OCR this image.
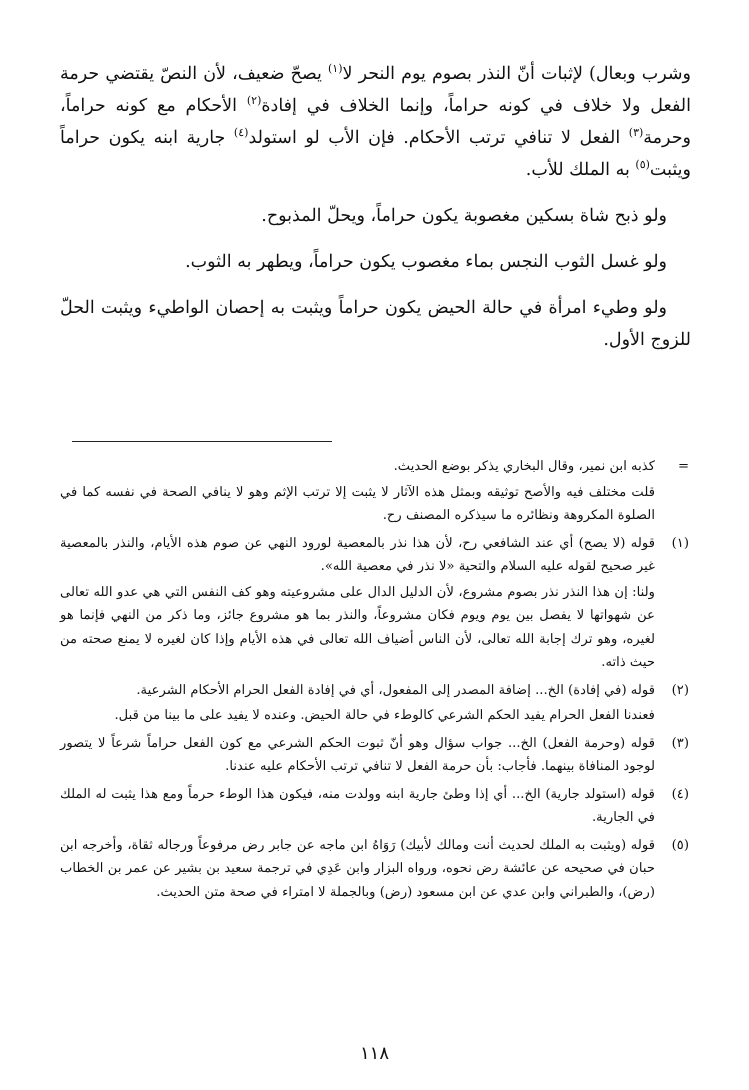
وشرب وبعال) لإثبات أنّ النذر بصوم يوم النحر لا$^{(١)}$ يصحّ ضعيف، لأن النصّ يقتضي حرمة الفعل ولا خلاف في كونه حراماً، وإنما الخلاف في إفادة$^{(٢)}$ الأحكام مع كونه حراماً، وحرمة$^{(٣)}$ الفعل لا تنافي ترتب الأحكام. فإن الأب لو استولد$^{(٤)}$ جارية ابنه يكون حراماً ويثبت$^{(٥)}$ به الملك للأب.

ولو ذبح شاة بسكين مغصوبة يكون حراماً، ويحلّ المذبوح.

ولو غسل الثوب النجس بماء مغصوب يكون حراماً، ويطهر به الثوب.

ولو وطيء امرأة في حالة الحيض يكون حراماً ويثبت به إحصان الواطيء ويثبت الحلّ للزوج الأول.

=

كذبه ابن نمير، وقال البخاري يذكر بوضع الحديث.

قلت مختلف فيه والأصح توثيقه وبمثل هذه الآثار لا يثبت إلا ترتب الإثم وهو لا ينافي الصحة في نفسه كما في الصلوة المكروهة ونظائره ما سيذكره المصنف رح.

(١)

قوله (لا يصح) أي عند الشافعي رح، لأن هذا نذر بالمعصية لورود النهي عن صوم هذه الأيام، والنذر بالمعصية غير صحيح لقوله عليه السلام والتحية «لا نذر في معصية الله».

ولنا: إن هذا النذر نذر بصوم مشروع، لأن الدليل الدال على مشروعيته وهو كف النفس التي هي عدو الله تعالى عن شهواتها لا يفصل بين يوم ويوم فكان مشروعاً، والنذر بما هو مشروع جائز، وما ذكر من النهي فإنما هو لغيره، وهو ترك إجابة الله تعالى، لأن الناس أضياف الله تعالى في هذه الأيام وإذا كان لغيره لا يمنع صحته من حيث ذاته.

(٢)

قوله (في إفادة) الخ... إضافة المصدر إلى المفعول، أي في إفادة الفعل الحرام الأحكام الشرعية.

فعندنا الفعل الحرام يفيد الحكم الشرعي كالوطء في حالة الحيض. وعنده لا يفيد على ما بينا من قبل.

(٣)

قوله (وحرمة الفعل) الخ... جواب سؤال وهو أنّ ثبوت الحكم الشرعي مع كون الفعل حراماً شرعاً لا يتصور لوجود المنافاة بينهما. فأجاب: بأن حرمة الفعل لا تنافي ترتب الأحكام عليه عندنا.

(٤)

قوله (استولد جارية) الخ... أي إذا وطئ جارية ابنه وولدت منه، فيكون هذا الوطء حرماً ومع هذا يثبت له الملك في الجارية.

(٥)

قوله (ويثبت به الملك لحديث أنت ومالك لأبيك) رَوَاهُ ابن ماجه عن جابر رض مرفوعاً ورجاله ثقاة، وأخرجه ابن حبان في صحيحه عن عائشة رض نحوه، ورواه البزار وابن عَدِي في ترجمة سعيد بن بشير عن عمر بن الخطاب (رض)، والطبراني وابن عدي عن ابن مسعود (رض) وبالجملة لا امتراء في صحة متن الحديث.

١١٨
